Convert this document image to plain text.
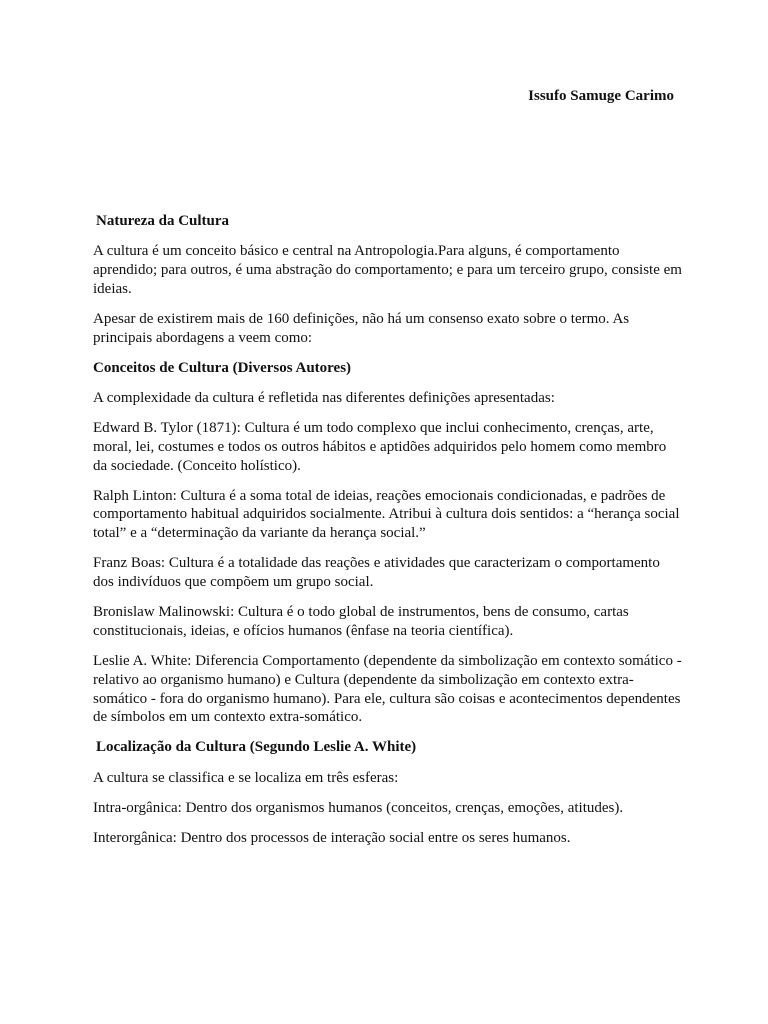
Issufo Samuge Carimo

Natureza da Cultura

A cultura é um conceito básico e central na Antropologia.Para alguns, é comportamento aprendido; para outros, é uma abstração do comportamento; e para um terceiro grupo, consiste em ideias.

Apesar de existirem mais de 160 definições, não há um consenso exato sobre o termo. As principais abordagens a veem como:

Conceitos de Cultura (Diversos Autores)

A complexidade da cultura é refletida nas diferentes definições apresentadas:

Edward B. Tylor (1871): Cultura é um todo complexo que inclui conhecimento, crenças, arte, moral, lei, costumes e todos os outros hábitos e aptidões adquiridos pelo homem como membro da sociedade. (Conceito holístico).

Ralph Linton: Cultura é a soma total de ideias, reações emocionais condicionadas, e padrões de comportamento habitual adquiridos socialmente. Atribui à cultura dois sentidos: a “herança social total” e a “determinação da variante da herança social.”

Franz Boas: Cultura é a totalidade das reações e atividades que caracterizam o comportamento dos indivíduos que compõem um grupo social.

Bronislaw Malinowski: Cultura é o todo global de instrumentos, bens de consumo, cartas constitucionais, ideias, e ofícios humanos (ênfase na teoria científica).

Leslie A. White: Diferencia Comportamento (dependente da simbolização em contexto somático - relativo ao organismo humano) e Cultura (dependente da simbolização em contexto extra-somático - fora do organismo humano). Para ele, cultura são coisas e acontecimentos dependentes de símbolos em um contexto extra-somático.

Localização da Cultura (Segundo Leslie A. White)

A cultura se classifica e se localiza em três esferas:

Intra-orgânica: Dentro dos organismos humanos (conceitos, crenças, emoções, atitudes).

Interorgânica: Dentro dos processos de interação social entre os seres humanos.
